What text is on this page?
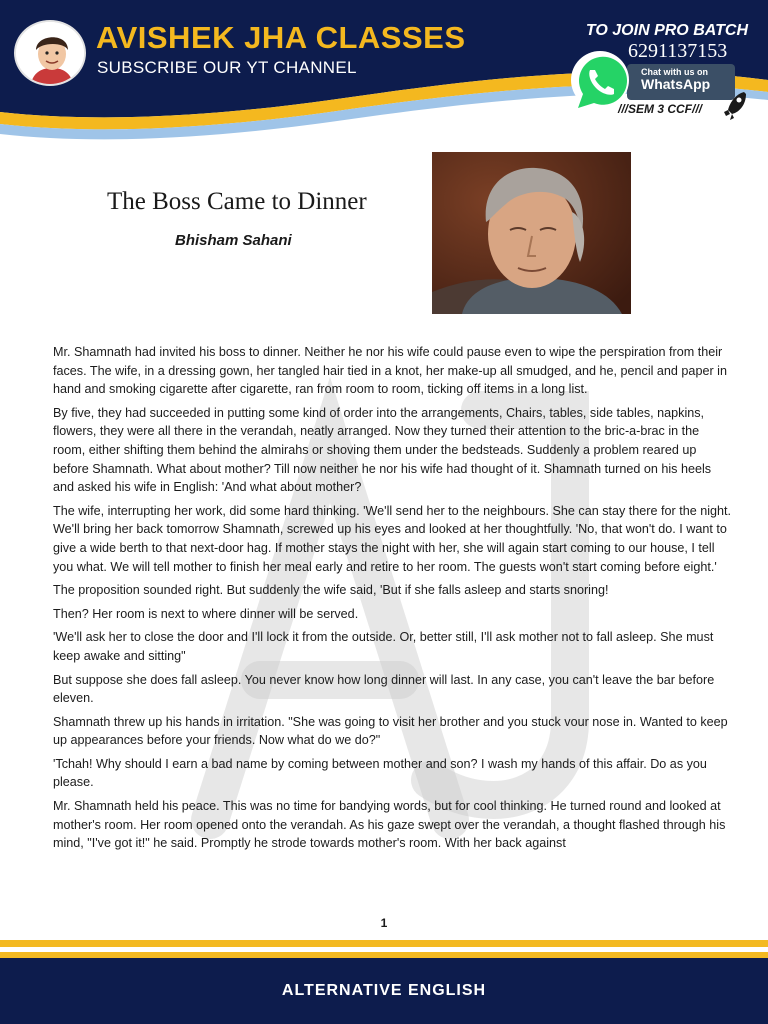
AVISHEK JHA CLASSES
SUBSCRIBE OUR YT CHANNEL
TO JOIN PRO BATCH
6291137153
Chat with us on
WhatsApp
///SEM 3 CCF///
The Boss Came to Dinner
Bhisham Sahani

Mr. Shamnath had invited his boss to dinner. Neither he nor his wife could pause even to wipe the perspiration from their faces. The wife, in a dressing gown, her tangled hair tied in a knot, her make-up all smudged, and he, pencil and paper in hand and smoking cigarette after cigarette, ran from room to room, ticking off items in a long list.

By five, they had succeeded in putting some kind of order into the arrangements, Chairs, tables, side tables, napkins, flowers, they were all there in the verandah, neatly arranged. Now they turned their attention to the bric-a-brac in the room, either shifting them behind the almirahs or shoving them under the bedsteads. Suddenly a problem reared up before Shamnath. What about mother? Till now neither he nor his wife had thought of it. Shamnath turned on his heels and asked his wife in English: 'And what about mother?

The wife, interrupting her work, did some hard thinking. 'We'll send her to the neighbours. She can stay there for the night. We'll bring her back tomorrow Shamnath, screwed up his eyes and looked at her thoughtfully. 'No, that won't do. I want to give a wide berth to that next-door hag. If mother stays the night with her, she will again start coming to our house, I tell you what. We will tell mother to finish her meal early and retire to her room. The guests won't start coming before eight.'

The proposition sounded right. But suddenly the wife said, 'But if she falls asleep and starts snoring!

Then? Her room is next to where dinner will be served.

'We'll ask her to close the door and I'll lock it from the outside. Or, better still, I'll ask mother not to fall asleep. She must keep awake and sitting"

But suppose she does fall asleep. You never know how long dinner will last. In any case, you can't leave the bar before eleven.

Shamnath threw up his hands in irritation. "She was going to visit her brother and you stuck vour nose in. Wanted to keep up appearances before your friends. Now what do we do?"

'Tchah! Why should I earn a bad name by coming between mother and son? I wash my hands of this affair. Do as you please.

Mr. Shamnath held his peace. This was no time for bandying words, but for cool thinking. He turned round and looked at mother's room. Her room opened onto the verandah. As his gaze swept over the verandah, a thought flashed through his mind, "I've got it!" he said. Promptly he strode towards mother's room. With her back against

1
ALTERNATIVE ENGLISH
